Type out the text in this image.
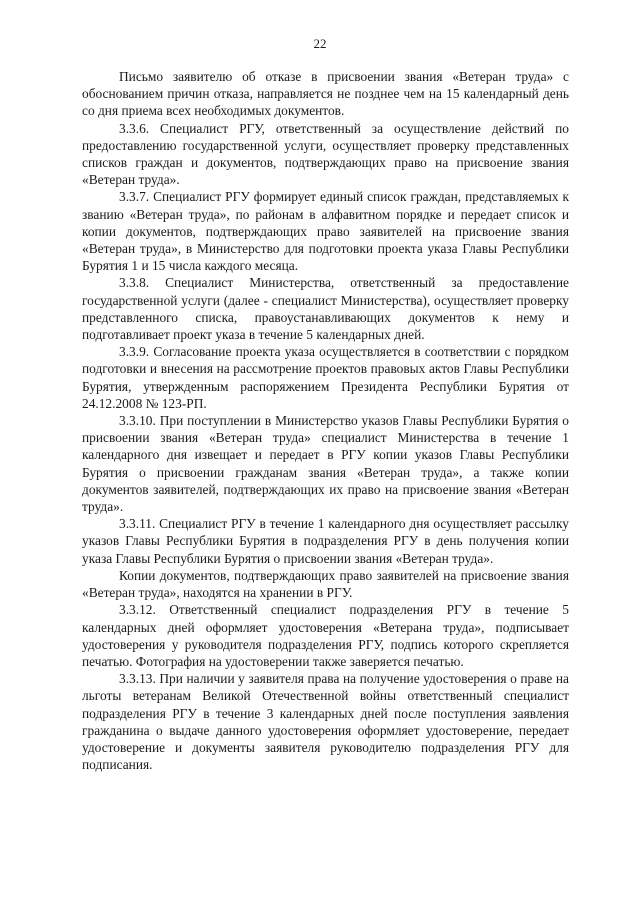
22

Письмо заявителю об отказе в присвоении звания «Ветеран труда» с обоснованием причин отказа, направляется не позднее чем на 15 календарный день со дня приема всех необходимых документов.

3.3.6. Специалист РГУ, ответственный за осуществление действий по предоставлению государственной услуги, осуществляет проверку представленных списков граждан и документов, подтверждающих право на присвоение звания «Ветеран труда».

3.3.7. Специалист РГУ формирует единый список граждан, представляемых к званию «Ветеран труда», по районам в алфавитном порядке и передает список и копии документов, подтверждающих право заявителей на присвоение звания «Ветеран труда», в Министерство для подготовки проекта указа Главы Республики Бурятия 1 и 15 числа каждого месяца.

3.3.8. Специалист Министерства, ответственный за предоставление государственной услуги (далее - специалист Министерства), осуществляет проверку представленного списка, правоустанавливающих документов к нему и подготавливает проект указа в течение 5 календарных дней.

3.3.9. Согласование проекта указа осуществляется в соответствии с порядком подготовки и внесения на рассмотрение проектов правовых актов Главы Республики Бурятия, утвержденным распоряжением Президента Республики Бурятия от 24.12.2008 № 123-РП.

3.3.10. При поступлении в Министерство указов Главы Республики Бурятия о присвоении звания «Ветеран труда» специалист Министерства в течение 1 календарного дня извещает и передает в РГУ копии указов Главы Республики Бурятия о присвоении гражданам звания «Ветеран труда», а также копии документов заявителей, подтверждающих их право на присвоение звания «Ветеран труда».

3.3.11. Специалист РГУ в течение 1 календарного дня осуществляет рассылку указов Главы Республики Бурятия в подразделения РГУ в день получения копии указа Главы Республики Бурятия о присвоении звания «Ветеран труда».

Копии документов, подтверждающих право заявителей на присвоение звания «Ветеран труда», находятся на хранении в РГУ.

3.3.12. Ответственный специалист подразделения РГУ в течение 5 календарных дней оформляет удостоверения «Ветерана труда», подписывает удостоверения у руководителя подразделения РГУ, подпись которого скрепляется печатью. Фотография на удостоверении также заверяется печатью.

3.3.13. При наличии у заявителя права на получение удостоверения о праве на льготы ветеранам Великой Отечественной войны ответственный специалист подразделения РГУ в течение 3 календарных дней после поступления заявления гражданина о выдаче данного удостоверения оформляет удостоверение, передает удостоверение и документы заявителя руководителю подразделения РГУ для подписания.
